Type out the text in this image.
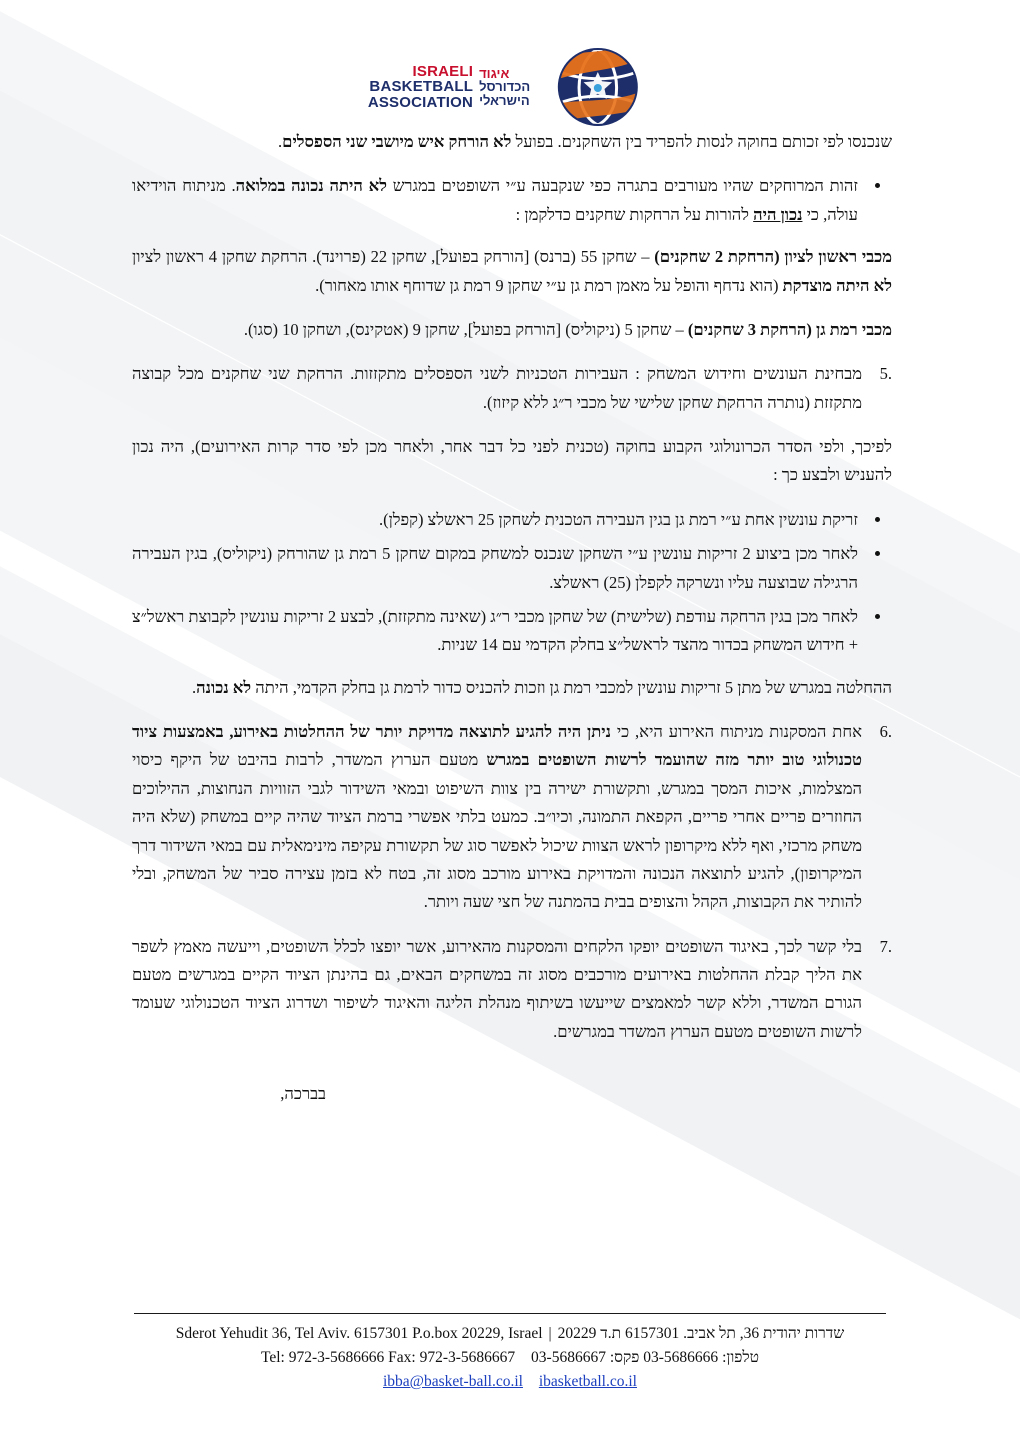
ISRAELI
BASKETBALL
ASSOCIATION
איגוד
הכדורסל
הישראלי

שנכנסו לפי זכותם בחוקה לנסות להפריד בין השחקנים. בפועל לא הורחק איש מיושבי שני הספסלים.

זהות המרוחקים שהיו מעורבים בתגרה כפי שנקבעה ע״י השופטים במגרש לא היתה נכונה במלואה. מניתוח הוידיאו עולה, כי נכון היה להורות על הרחקות שחקנים כדלקמן :

מכבי ראשון לציון (הרחקת 2 שחקנים) – שחקן 55 (ברנס) [הורחק בפועל], שחקן 22 (פרוינד). הרחקת שחקן 4 ראשון לציון לא היתה מוצדקת (הוא נדחף והופל על מאמן רמת גן ע״י שחקן 9 רמת גן שדוחף אותו מאחור).

מכבי רמת גן (הרחקת 3 שחקנים) – שחקן 5 (ניקוליס) [הורחק בפועל], שחקן 9 (אטקינס), ושחקן 10 (סגו).

.5
מבחינת העונשים וחידוש המשחק : העבירות הטכניות לשני הספסלים מתקזזות. הרחקת שני שחקנים מכל קבוצה מתקזזת (נותרה הרחקת שחקן שלישי של מכבי ר״ג ללא קיזוז).

לפיכך, ולפי הסדר הכרונולוגי הקבוע בחוקה (טכנית לפני כל דבר אחר, ולאחר מכן לפי סדר קרות האירועים), היה נכון להעניש ולבצע כך :

זריקת עונשין אחת ע״י רמת גן בגין העבירה הטכנית לשחקן 25 ראשלצ (קפלן).
לאחר מכן ביצוע 2 זריקות עונשין ע״י השחקן שנכנס למשחק במקום שחקן 5 רמת גן שהורחק (ניקוליס), בגין העבירה הרגילה שבוצעה עליו ונשרקה לקפלן (25) ראשלצ.
לאחר מכן בגין הרחקה עודפת (שלישית) של שחקן מכבי ר״ג (שאינה מתקזזת), לבצע 2 זריקות עונשין לקבוצת ראשל״צ + חידוש המשחק בכדור מהצד לראשל״צ בחלק הקדמי עם 14 שניות.

ההחלטה במגרש של מתן 5 זריקות עונשין למכבי רמת גן וזכות להכניס כדור לרמת גן בחלק הקדמי, היתה לא נכונה.

.6
אחת המסקנות מניתוח האירוע היא, כי ניתן היה להגיע לתוצאה מדויקת יותר של ההחלטות באירוע, באמצעות ציוד טכנולוגי טוב יותר מזה שהועמד לרשות השופטים במגרש מטעם הערוץ המשדר, לרבות בהיבט של היקף כיסוי המצלמות, איכות המסך במגרש, ותקשורת ישירה בין צוות השיפוט ובמאי השידור לגבי הזוויות הנחוצות, ההילוכים החוזרים פריים אחרי פריים, הקפאת התמונה, וכיו״ב. כמעט בלתי אפשרי ברמת הציוד שהיה קיים במשחק (שלא היה משחק מרכזי, ואף ללא מיקרופון לראש הצוות שיכול לאפשר סוג של תקשורת עקיפה מינימאלית עם במאי השידור דרך המיקרופון), להגיע לתוצאה הנכונה והמדויקת באירוע מורכב מסוג זה, בטח לא בזמן עצירה סביר של המשחק, ובלי להותיר את הקבוצות, הקהל והצופים בבית בהמתנה של חצי שעה ויותר.
.7
בלי קשר לכך, באיגוד השופטים יופקו הלקחים והמסקנות מהאירוע, אשר יופצו לכלל השופטים, וייעשה מאמץ לשפר את הליך קבלת ההחלטות באירועים מורכבים מסוג זה במשחקים הבאים, גם בהינתן הציוד הקיים במגרשים מטעם הגורם המשדר, וללא קשר למאמצים שייעשו בשיתוף מנהלת הליגה והאיגוד לשיפור ושדרוג הציוד הטכנולוגי שעומד לרשות השופטים מטעם הערוץ המשדר במגרשים.
בברכה,
Sderot Yehudit 36, Tel Aviv. 6157301 P.o.box 20229, Israel | שדרות יהודית 36, תל אביב. 6157301 ת.ד 20229
Tel: 972-3-5686666 Fax: 972-3-5686667 טלפון: 03-5686666 פקס: 03-5686667
ibba@basket-ball.co.il ibasketball.co.il
